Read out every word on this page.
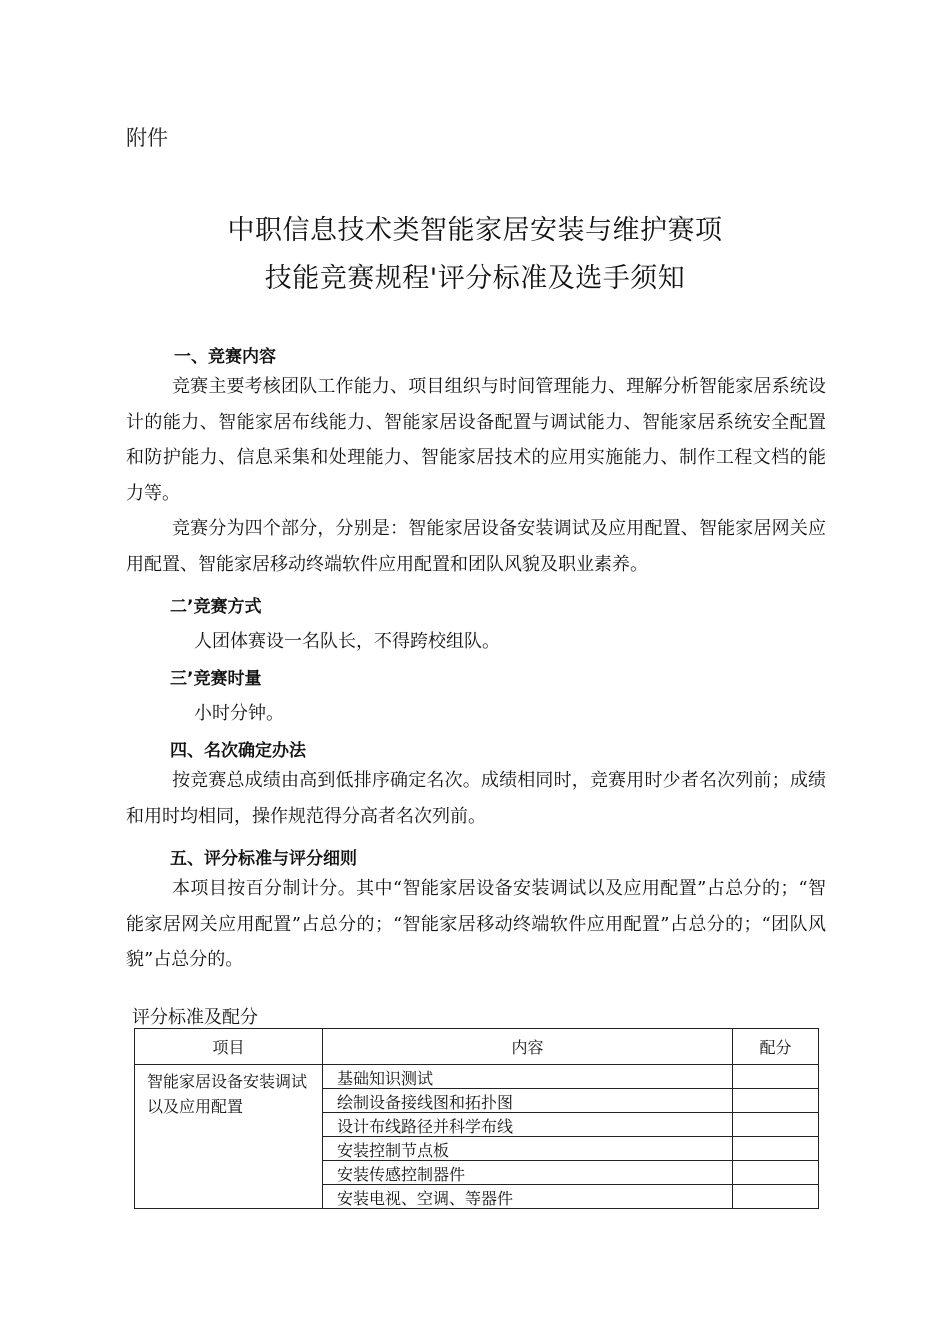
附件
中职信息技术类智能家居安装与维护赛项
技能竞赛规程'评分标准及选手须知
一、竞赛内容
竞赛主要考核团队工作能力、项目组织与时间管理能力、理解分析智能家居系统设计的能力、智能家居布线能力、智能家居设备配置与调试能力、智能家居系统安全配置和防护能力、信息采集和处理能力、智能家居技术的应用实施能力、制作工程文档的能力等。
竞赛分为四个部分，分别是：智能家居设备安装调试及应用配置、智能家居网关应用配置、智能家居移动终端软件应用配置和团队风貌及职业素养。
二’竞赛方式
人团体赛设一名队长，不得跨校组队。
三’竞赛时量
小时分钟。
四、名次确定办法
按竞赛总成绩由高到低排序确定名次。成绩相同时，竞赛用时少者名次列前；成绩和用时均相同，操作规范得分高者名次列前。
五、评分标准与评分细则
本项目按百分制计分。其中“智能家居设备安装调试以及应用配置”占总分的；“智能家居网关应用配置”占总分的；“智能家居移动终端软件应用配置”占总分的；“团队风貌”占总分的。
评分标准及配分
项目	内容	配分
智能家居设备安装调试以及应用配置	基础知识测试	
	绘制设备接线图和拓扑图	
	设计布线路径并科学布线	
	安装控制节点板	
	安装传感控制器件	
	安装电视、空调、等器件	
